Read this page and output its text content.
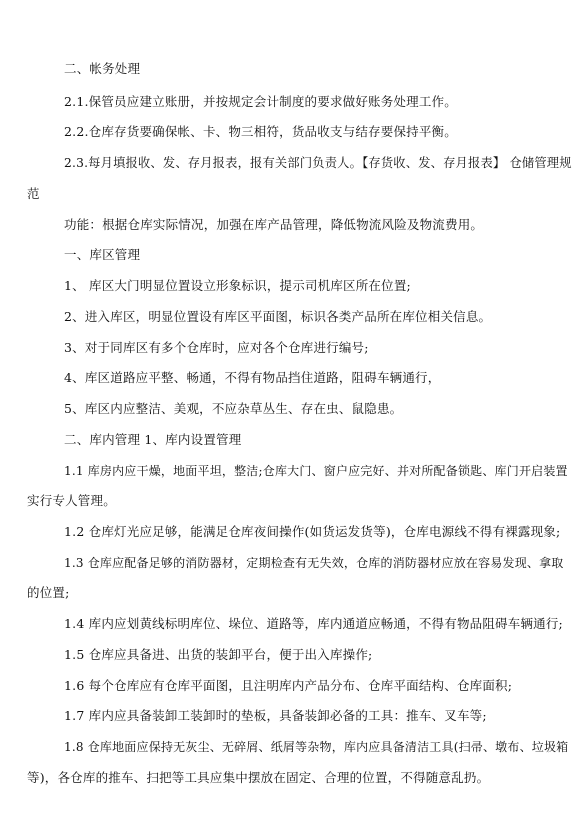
二、帐务处理
2.1.保管员应建立账册，并按规定会计制度的要求做好账务处理工作。
2.2.仓库存货要确保帐、卡、物三相符，货品收支与结存要保持平衡。
2.3.每月填报收、发、存月报表，报有关部门负责人。【存货收、发、存月报表】 仓储管理规
范
功能：根据仓库实际情况，加强在库产品管理，降低物流风险及物流费用。
一、库区管理
1、 库区大门明显位置设立形象标识，提示司机库区所在位置;
2、进入库区，明显位置设有库区平面图，标识各类产品所在库位相关信息。
3、对于同库区有多个仓库时，应对各个仓库进行编号;
4、库区道路应平整、畅通，不得有物品挡住道路，阻碍车辆通行，
5、库区内应整洁、美观，不应杂草丛生、存在虫、鼠隐患。
二、库内管理 1、库内设置管理
1.1 库房内应干燥，地面平坦，整洁;仓库大门、窗户应完好、并对所配备锁匙、库门开启装置
实行专人管理。
1.2 仓库灯光应足够，能满足仓库夜间操作(如货运发货等)，仓库电源线不得有裸露现象;
1.3 仓库应配备足够的消防器材，定期检查有无失效，仓库的消防器材应放在容易发现、拿取
的位置;
1.4 库内应划黄线标明库位、垛位、道路等，库内通道应畅通，不得有物品阻碍车辆通行;
1.5 仓库应具备进、出货的装卸平台，便于出入库操作;
1.6 每个仓库应有仓库平面图，且注明库内产品分布、仓库平面结构、仓库面积;
1.7 库内应具备装卸工装卸时的垫板，具备装卸必备的工具：推车、叉车等;
1.8 仓库地面应保持无灰尘、无碎屑、纸屑等杂物，库内应具备清洁工具(扫帚、墩布、垃圾箱
等)，各仓库的推车、扫把等工具应集中摆放在固定、合理的位置，不得随意乱扔。
